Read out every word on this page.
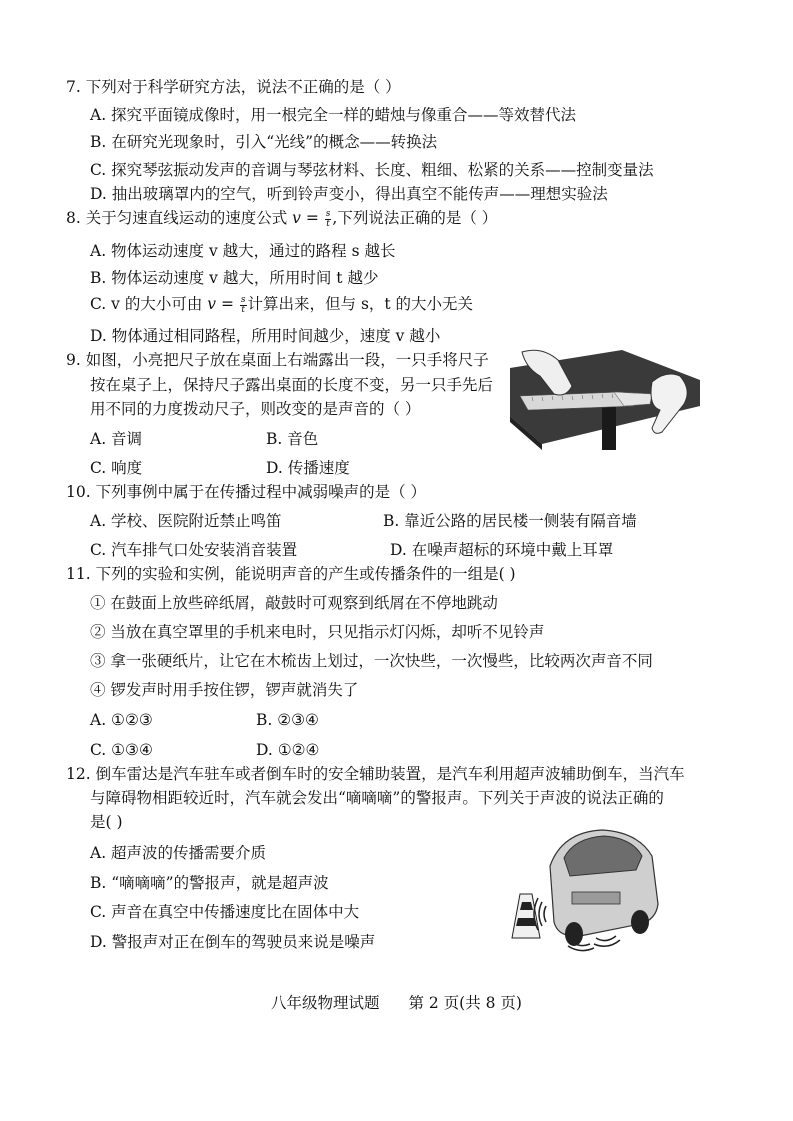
7. 下列对于科学研究方法，说法不正确的是（ ）
A. 探究平面镜成像时，用一根完全一样的蜡烛与像重合——等效替代法
B. 在研究光现象时，引入“光线”的概念——转换法
C. 探究琴弦振动发声的音调与琴弦材料、长度、粗细、松紧的关系——控制变量法
D. 抽出玻璃罩内的空气，听到铃声变小，得出真空不能传声——理想实验法
8. 关于匀速直线运动的速度公式 $v = \frac{s}{t}$ ,下列说法正确的是（ ）
A. 物体运动速度 v 越大，通过的路程 s 越长
B. 物体运动速度 v 越大，所用时间 t 越少
C. v 的大小可由 $v = \frac{s}{t}$ 计算出来，但与 s，t 的大小无关
D. 物体通过相同路程，所用时间越少，速度 v 越小
9. 如图，小亮把尺子放在桌面上右端露出一段，一只手将尺子
按在桌子上，保持尺子露出桌面的长度不变，另一只手先后
用不同的力度拨动尺子，则改变的是声音的（ ）
A. 音调	B. 音色
C. 响度	D. 传播速度
10. 下列事例中属于在传播过程中减弱噪声的是（ ）
A. 学校、医院附近禁止鸣笛	B. 靠近公路的居民楼一侧装有隔音墙
C. 汽车排气口处安装消音装置	D. 在噪声超标的环境中戴上耳罩
11. 下列的实验和实例，能说明声音的产生或传播条件的一组是( )
① 在鼓面上放些碎纸屑，敲鼓时可观察到纸屑在不停地跳动
② 当放在真空罩里的手机来电时，只见指示灯闪烁，却听不见铃声
③ 拿一张硬纸片，让它在木梳齿上划过，一次快些，一次慢些，比较两次声音不同
④ 锣发声时用手按住锣，锣声就消失了
A. ①②③	B. ②③④
C. ①③④	D. ①②④
12. 倒车雷达是汽车驻车或者倒车时的安全辅助装置，是汽车利用超声波辅助倒车，当汽车
与障碍物相距较近时，汽车就会发出“嘀嘀嘀”的警报声。下列关于声波的说法正确的
是( )
A. 超声波的传播需要介质
B. “嘀嘀嘀”的警报声，就是超声波
C. 声音在真空中传播速度比在固体中大
D. 警报声对正在倒车的驾驶员来说是噪声
八年级物理试题 第 2 页(共 8 页)
